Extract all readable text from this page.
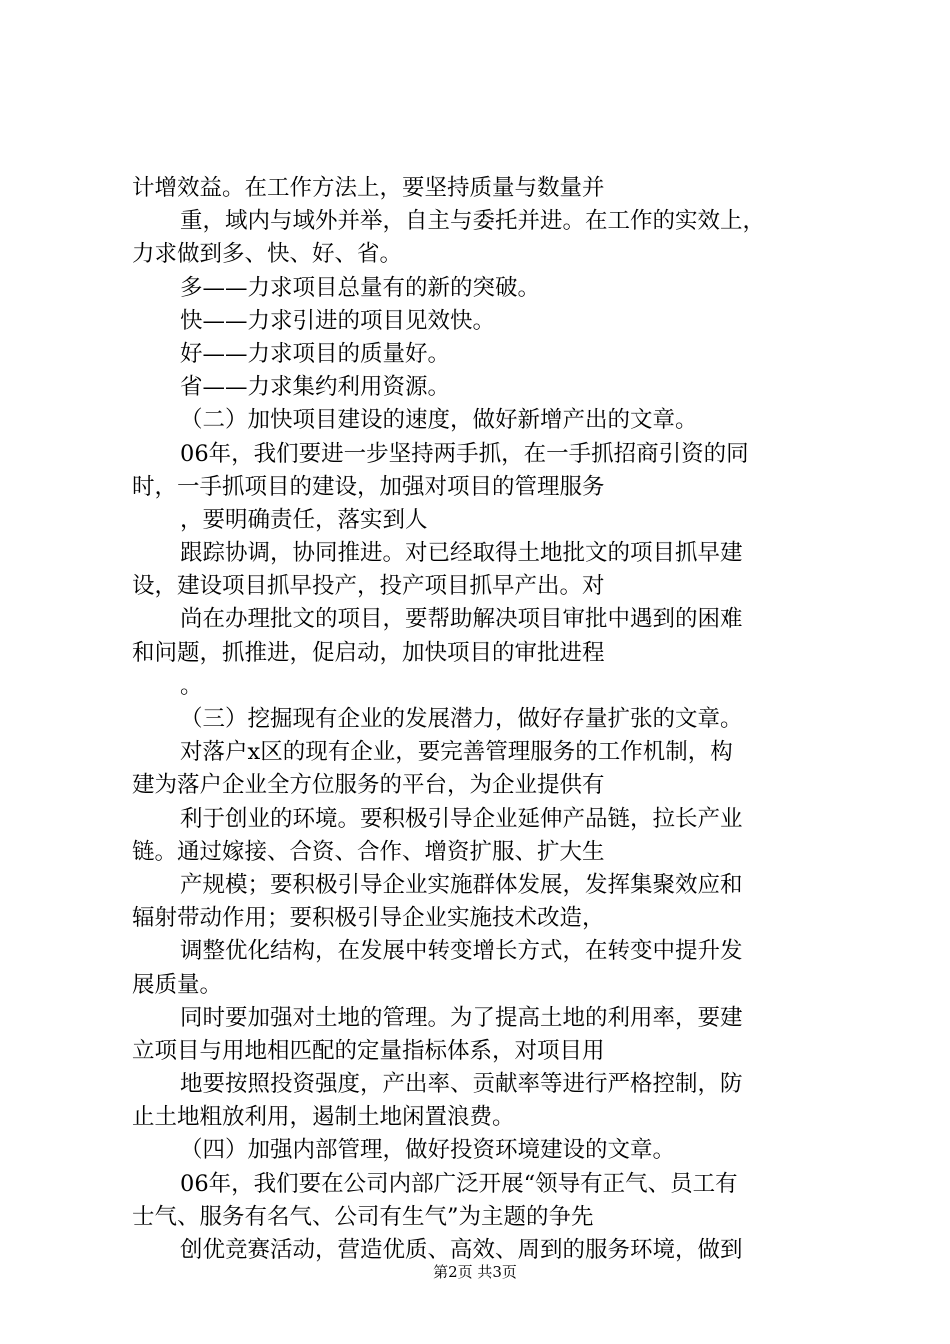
计增效益。在工作方法上，要坚持质量与数量并
重，域内与域外并举，自主与委托并进。在工作的实效上，
力求做到多、快、好、省。
多——力求项目总量有的新的突破。
快——力求引进的项目见效快。
好——力求项目的质量好。
省——力求集约利用资源。
（二）加快项目建设的速度，做好新增产出的文章。
06年，我们要进一步坚持两手抓，在一手抓招商引资的同
时，一手抓项目的建设，加强对项目的管理服务
，要明确责任，落实到人
跟踪协调，协同推进。对已经取得土地批文的项目抓早建
设，建设项目抓早投产，投产项目抓早产出。对
尚在办理批文的项目，要帮助解决项目审批中遇到的困难
和问题，抓推进，促启动，加快项目的审批进程
。
（三）挖掘现有企业的发展潜力，做好存量扩张的文章。
对落户x区的现有企业，要完善管理服务的工作机制，构
建为落户企业全方位服务的平台，为企业提供有
利于创业的环境。要积极引导企业延伸产品链，拉长产业
链。通过嫁接、合资、合作、增资扩服、扩大生
产规模；要积极引导企业实施群体发展，发挥集聚效应和
辐射带动作用；要积极引导企业实施技术改造，
调整优化结构，在发展中转变增长方式，在转变中提升发
展质量。
同时要加强对土地的管理。为了提高土地的利用率，要建
立项目与用地相匹配的定量指标体系，对项目用
地要按照投资强度，产出率、贡献率等进行严格控制，防
止土地粗放利用，遏制土地闲置浪费。
（四）加强内部管理，做好投资环境建设的文章。
06年，我们要在公司内部广泛开展“领导有正气、员工有
士气、服务有名气、公司有生气”为主题的争先
创优竞赛活动，营造优质、高效、周到的服务环境，做到
第2页 共3页
